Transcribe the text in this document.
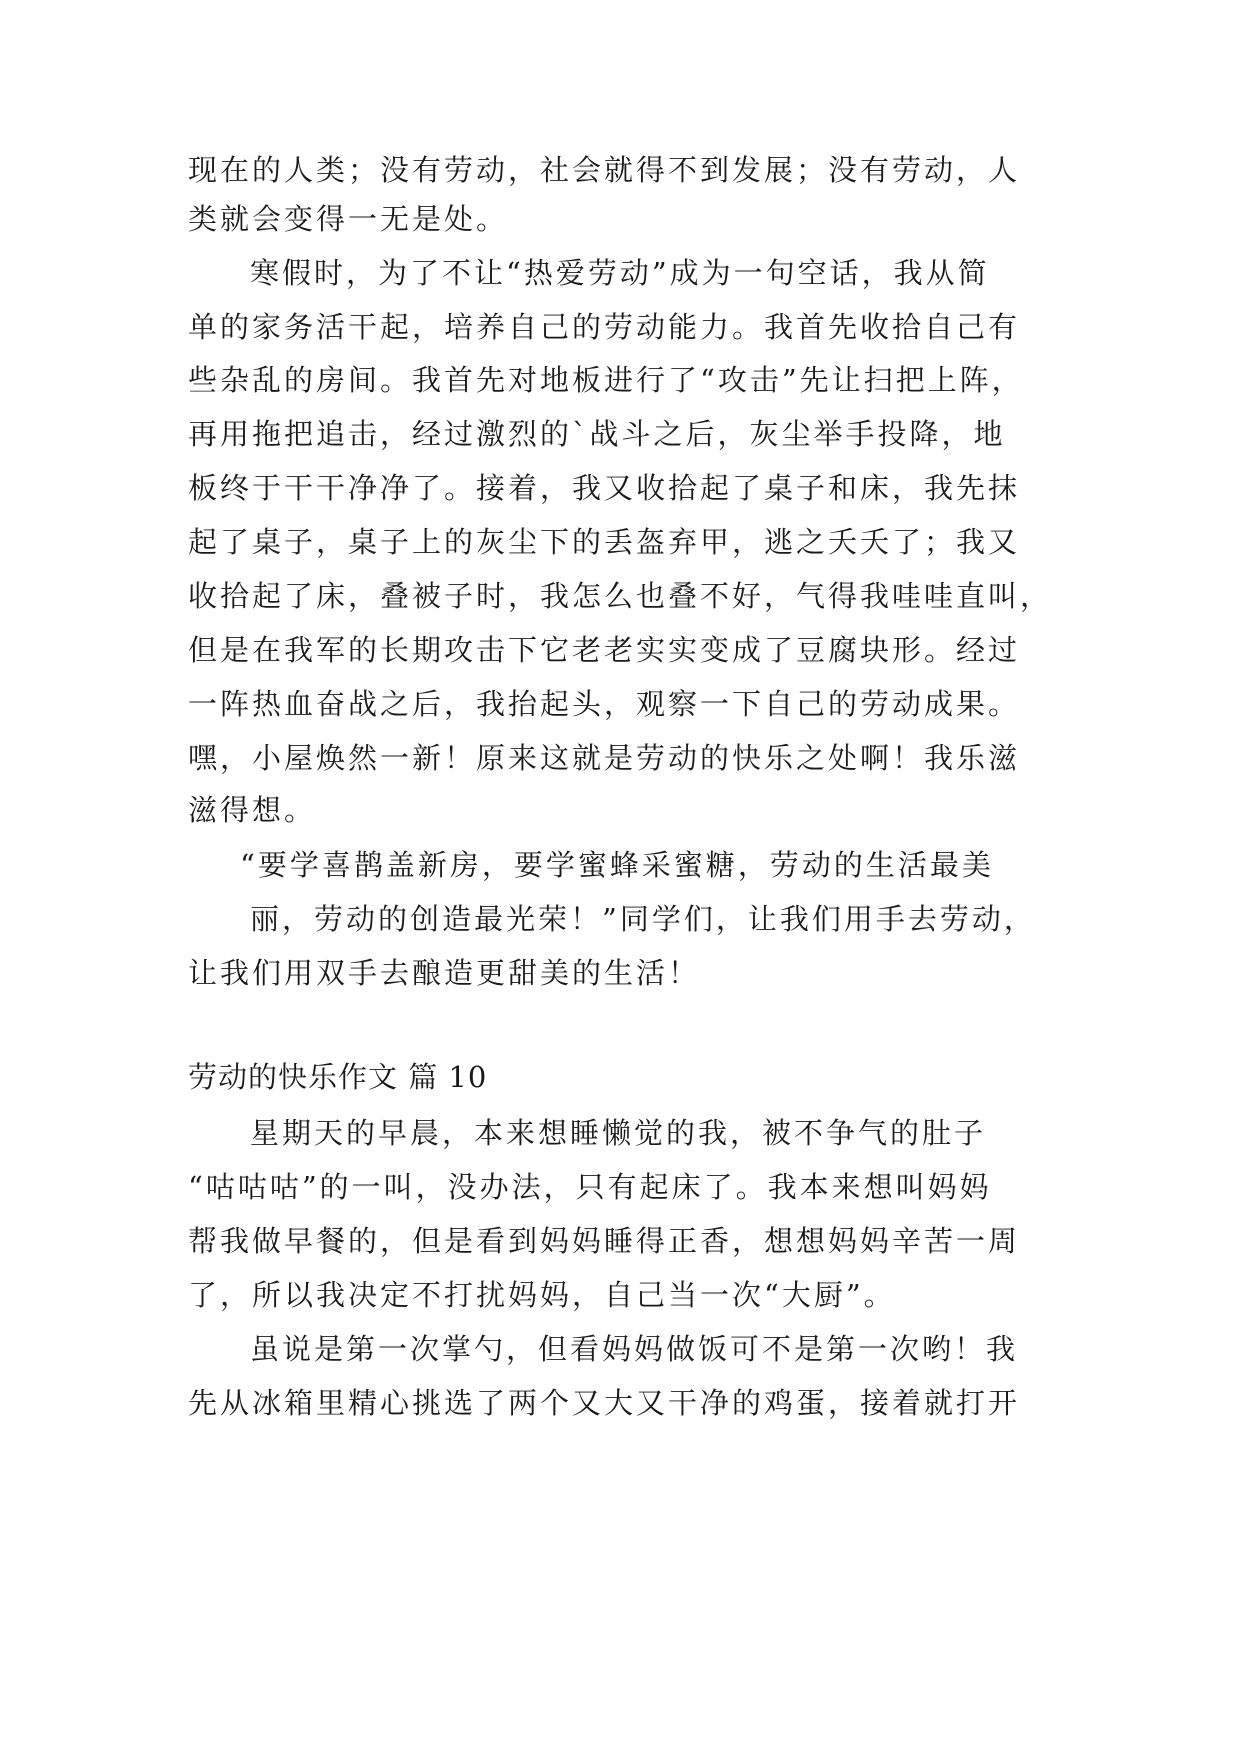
现在的人类；没有劳动，社会就得不到发展；没有劳动，人
类就会变得一无是处。
寒假时，为了不让“热爱劳动”成为一句空话，我从简
单的家务活干起，培养自己的劳动能力。我首先收拾自己有
些杂乱的房间。我首先对地板进行了“攻击”先让扫把上阵，
再用拖把追击，经过激烈的`战斗之后，灰尘举手投降，地
板终于干干净净了。接着，我又收拾起了桌子和床，我先抹
起了桌子，桌子上的灰尘下的丢盔弃甲，逃之夭夭了；我又
收拾起了床，叠被子时，我怎么也叠不好，气得我哇哇直叫，
但是在我军的长期攻击下它老老实实变成了豆腐块形。经过
一阵热血奋战之后，我抬起头，观察一下自己的劳动成果。
嘿，小屋焕然一新！原来这就是劳动的快乐之处啊！我乐滋
滋得想。
“要学喜鹊盖新房，要学蜜蜂采蜜糖，劳动的生活最美
丽，劳动的创造最光荣！”同学们，让我们用手去劳动，
让我们用双手去酿造更甜美的生活！
劳动的快乐作文 篇 10
星期天的早晨，本来想睡懒觉的我，被不争气的肚子
“咕咕咕”的一叫，没办法，只有起床了。我本来想叫妈妈
帮我做早餐的，但是看到妈妈睡得正香，想想妈妈辛苦一周
了，所以我决定不打扰妈妈，自己当一次“大厨”。
虽说是第一次掌勺，但看妈妈做饭可不是第一次哟！我
先从冰箱里精心挑选了两个又大又干净的鸡蛋，接着就打开
